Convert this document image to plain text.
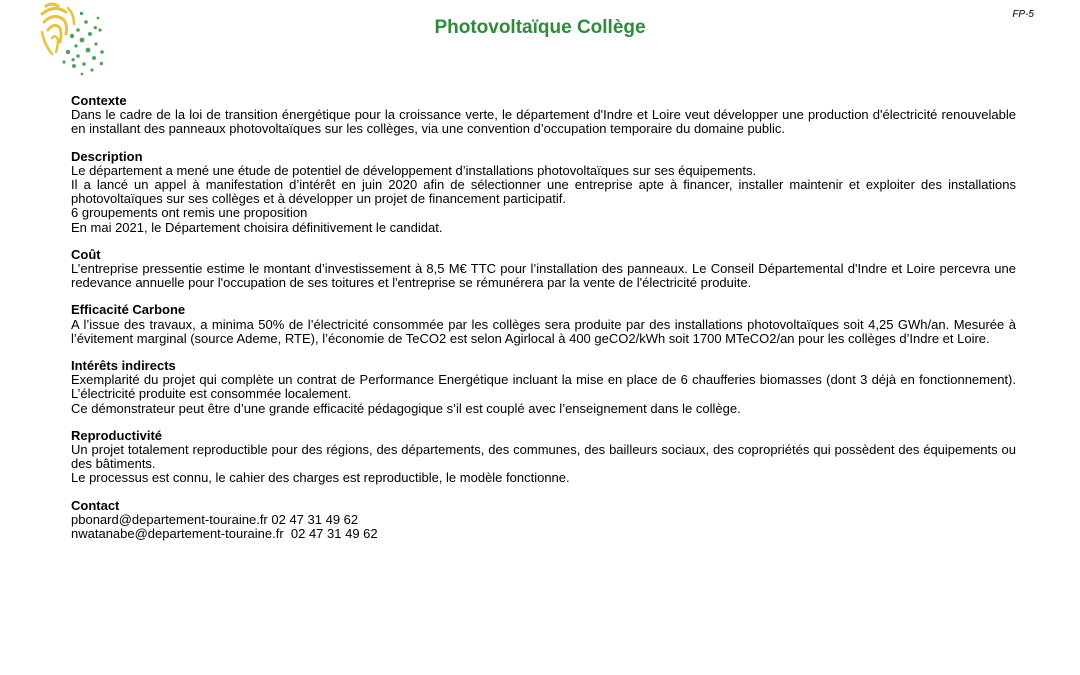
Photovoltaïque Collège
FP-5
Contexte

Dans le cadre de la loi de transition énergétique pour la croissance verte, le département d'Indre et Loire veut développer une production d'électricité renouvelable en installant des panneaux photovoltaïques sur les collèges, via une convention d’occupation temporaire du domaine public.

Description

Le département a mené une étude de potentiel de développement d’installations photovoltaïques sur ses équipements.

Il a lancé un appel à manifestation d’intérêt en juin 2020 afin de sélectionner une entreprise apte à financer, installer maintenir et exploiter des installations photovoltaïques sur ses collèges et à développer un projet de financement participatif.

6 groupements ont remis une proposition

En mai 2021, le Département choisira définitivement le candidat.

Coût

L’entreprise pressentie estime le montant d’investissement à 8,5 M€ TTC pour l’installation des panneaux. Le Conseil Départemental d'Indre et Loire percevra une redevance annuelle pour l'occupation de ses toitures et l'entreprise se rémunérera par la vente de l'électricité produite.

Efficacité Carbone

A l’issue des travaux, a minima 50% de l’électricité consommée par les collèges sera produite par des installations photovoltaïques soit 4,25 GWh/an. Mesurée à l’évitement marginal (source Ademe, RTE), l’économie de TeCO2 est selon Agirlocal à 400 geCO2/kWh soit 1700 MTeCO2/an pour les collèges d’Indre et Loire.

Intérêts indirects

Exemplarité du projet qui complète un contrat de Performance Energétique incluant la mise en place de 6 chaufferies biomasses (dont 3 déjà en fonctionnement). L’électricité produite est consommée localement.

Ce démonstrateur peut être d’une grande efficacité pédagogique s’il est couplé avec l’enseignement dans le collège.

Reproductivité

Un projet totalement reproductible pour des régions, des départements, des communes, des bailleurs sociaux, des copropriétés qui possèdent des équipements ou des bâtiments.

Le processus est connu, le cahier des charges est reproductible, le modèle fonctionne.

Contact

pbonard@departement-touraine.fr 02 47 31 49 62

nwatanabe@departement-touraine.fr  02 47 31 49 62
